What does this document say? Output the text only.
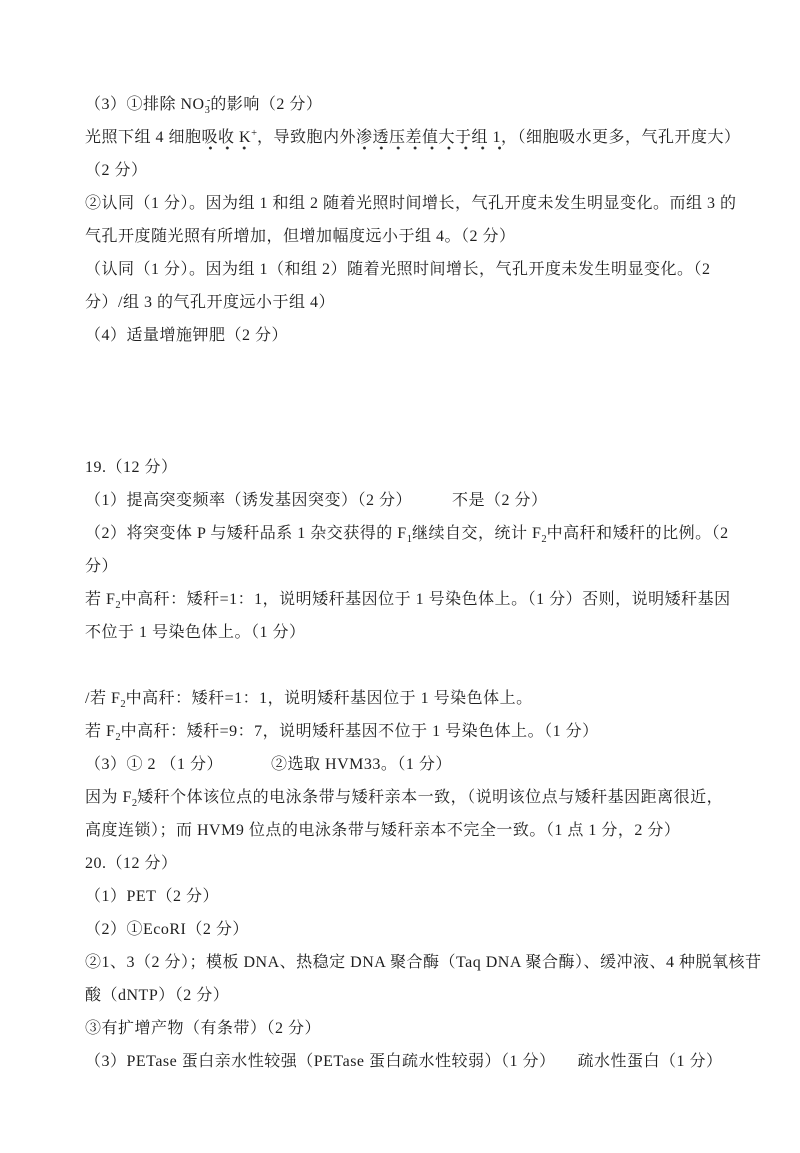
（3）①排除 $NO_3^-$的影响（2 分）
光照下组 4 细胞吸收 K+，导致胞内外渗透压差值大于组 1，（细胞吸水更多，气孔开度大）
（2 分）
②认同（1 分）。因为组 1 和组 2 随着光照时间增长，气孔开度未发生明显变化。而组 3 的
气孔开度随光照有所增加，但增加幅度远小于组 4。（2 分）
（认同（1 分）。因为组 1（和组 2）随着光照时间增长，气孔开度未发生明显变化。（2
分）/组 3 的气孔开度远小于组 4）
（4）适量增施钾肥（2 分）
19.（12 分）
（1）提高突变频率（诱发基因突变）（2 分）	不是（2 分）
（2）将突变体 P 与矮秆品系 1 杂交获得的 $F_1$继续自交，统计 $F_2$中高秆和矮秆的比例。（2
分）
若 $F_2$中高秆：矮秆=1：1，说明矮秆基因位于 1 号染色体上。（1 分）否则，说明矮秆基因
不位于 1 号染色体上。（1 分）
/若 $F_2$中高秆：矮秆=1：1，说明矮秆基因位于 1 号染色体上。
若 $F_2$中高秆：矮秆=9：7，说明矮秆基因不位于 1 号染色体上。（1 分）
（3）① 2 （1 分）	②选取 HVM33。（1 分）
因为 $F_2$矮秆个体该位点的电泳条带与矮秆亲本一致，（说明该位点与矮秆基因距离很近，
高度连锁）；而 HVM9 位点的电泳条带与矮秆亲本不完全一致。（1 点 1 分，2 分）
20.（12 分）
（1）PET（2 分）
（2）①EcoRI（2 分）
②1、3（2 分）；模板 DNA、热稳定 DNA 聚合酶（Taq DNA 聚合酶）、缓冲液、4 种脱氧核苷
酸（dNTP）（2 分）
③有扩增产物（有条带）（2 分）
（3）PETase 蛋白亲水性较强（PETase 蛋白疏水性较弱）（1 分） 疏水性蛋白（1 分）
